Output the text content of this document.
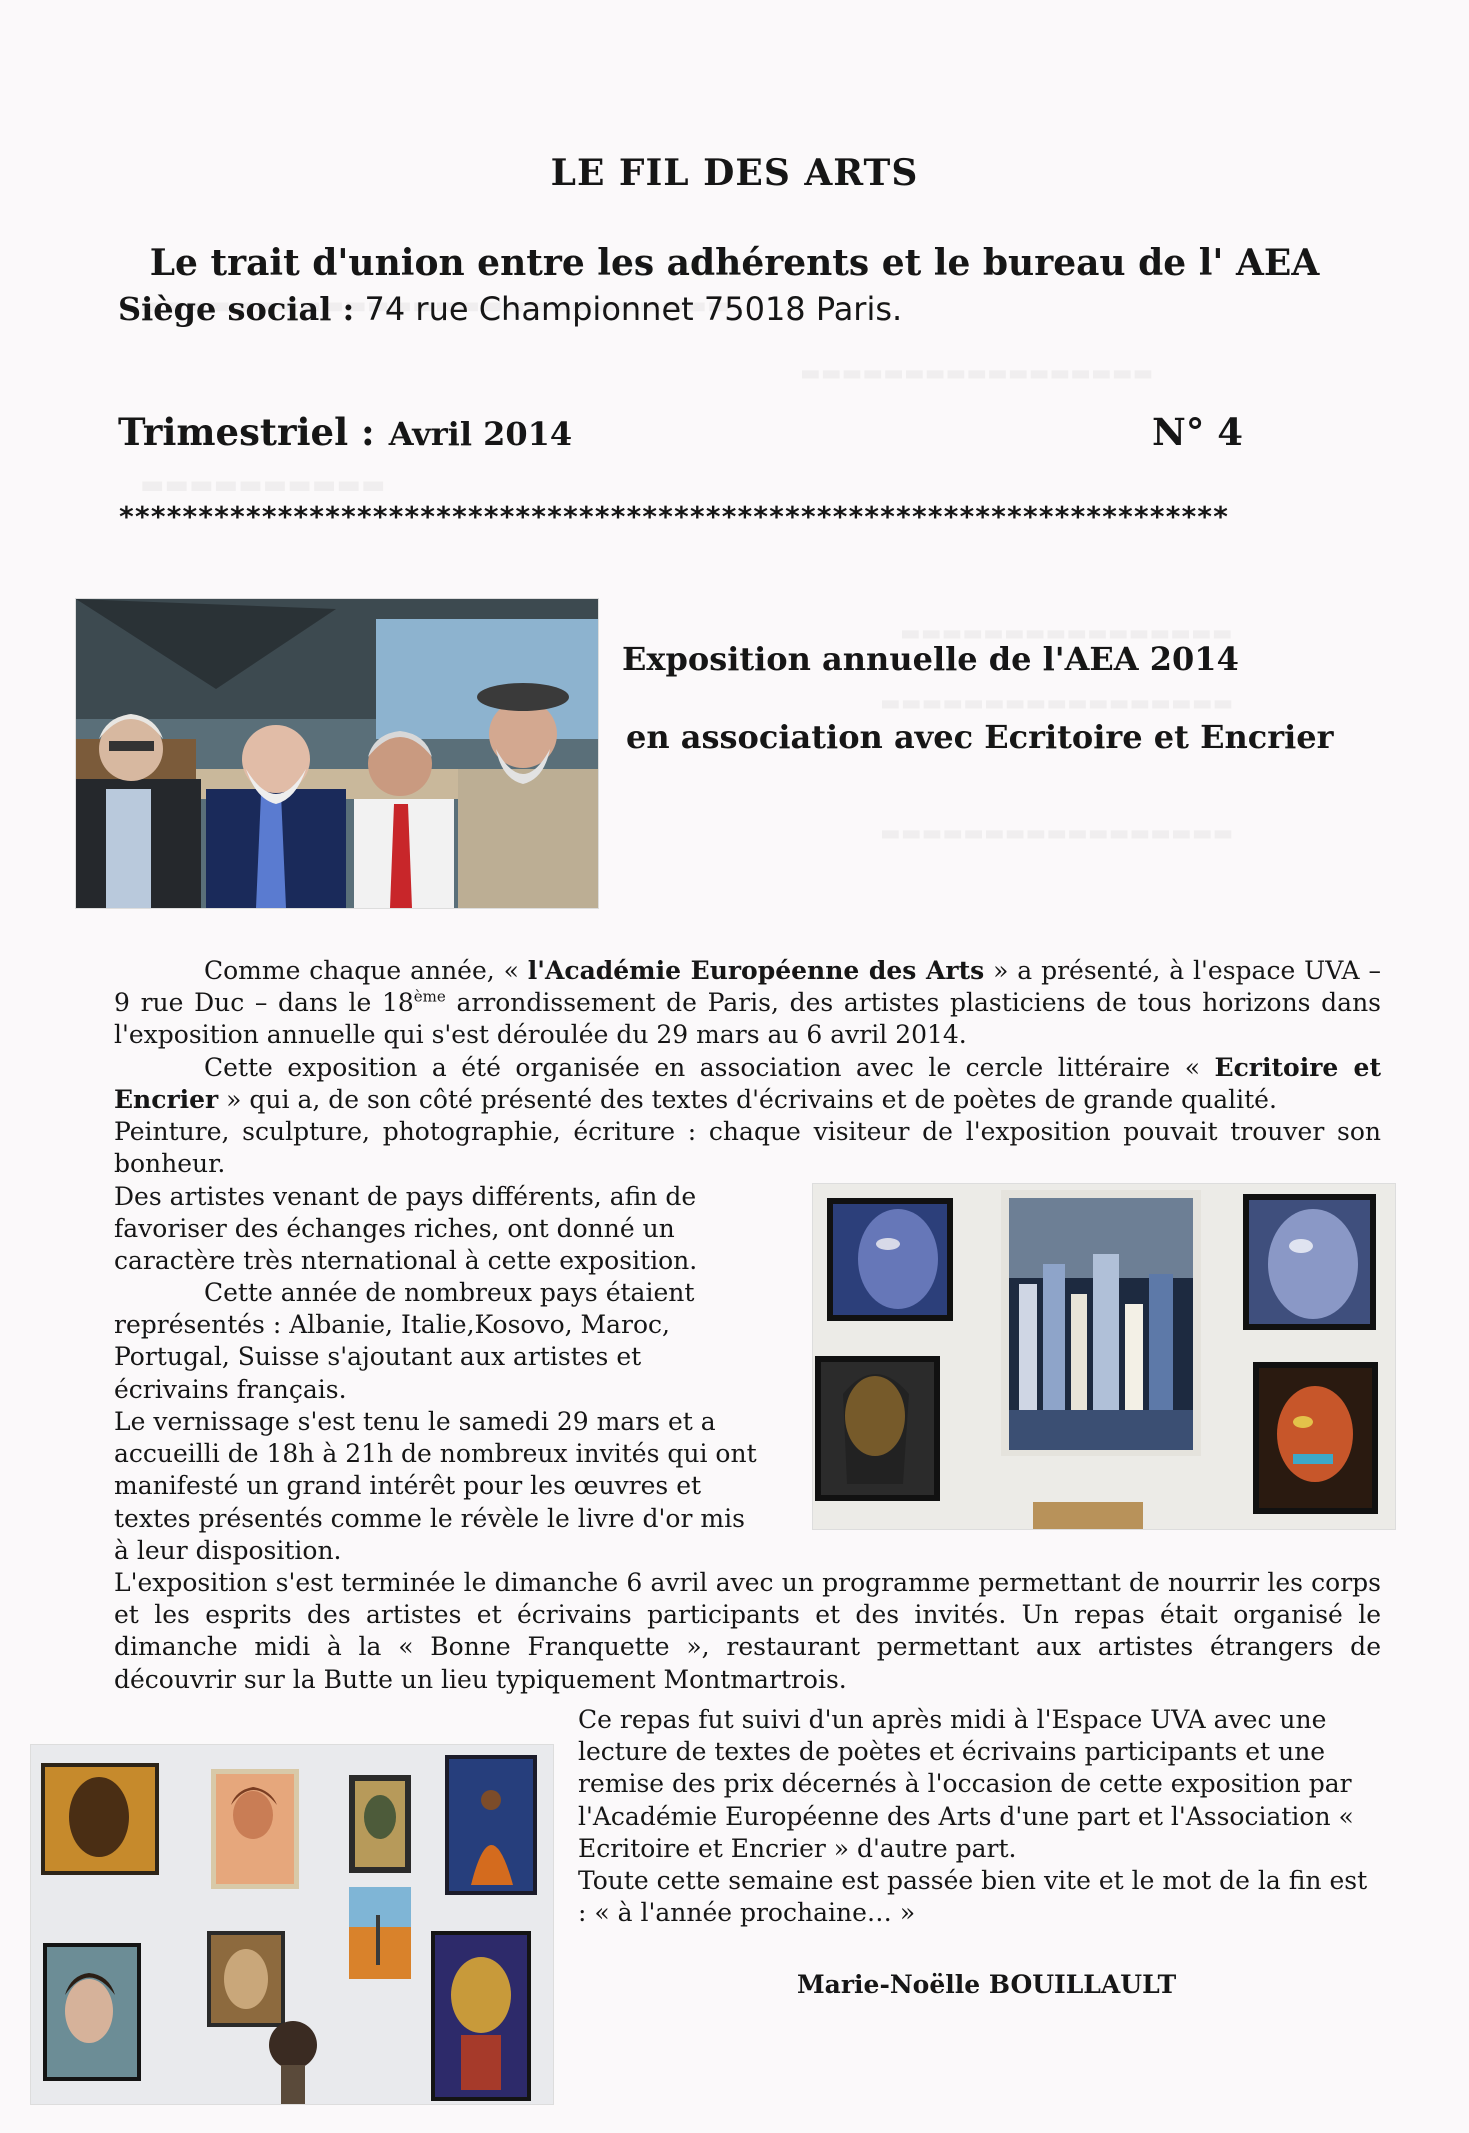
LE FIL DES ARTS
Le trait d'union entre les adhérents et le bureau de l' AEA
Siège social : 74 rue Championnet 75018 Paris.
Trimestriel : Avril 2014	N° 4
**********************************************************************
Exposition annuelle de l'AEA 2014
en association avec Ecritoire et Encrier

Comme chaque année, « l'Académie Européenne des Arts » a présenté, à l'espace UVA – 9 rue Duc – dans le 18ème arrondissement de Paris, des artistes plasticiens de tous horizons dans l'exposition annuelle qui s'est déroulée du 29 mars au 6 avril 2014.

Cette exposition a été organisée en association avec le cercle littéraire « Ecritoire et Encrier » qui a, de son côté présenté des textes d'écrivains et de poètes de grande qualité.

Peinture, sculpture, photographie, écriture : chaque visiteur de l'exposition pouvait trouver son bonheur.

Des artistes venant de pays différents, afin de favoriser des échanges riches, ont donné un caractère très nternational à cette exposition.

Cette année de nombreux pays étaient représentés : Albanie, Italie,Kosovo, Maroc, Portugal, Suisse s'ajoutant aux artistes et écrivains français.

Le vernissage s'est tenu le samedi 29 mars et a accueilli de 18h à 21h de nombreux invités qui ont manifesté un grand intérêt pour les œuvres et textes présentés comme le révèle le livre d'or mis à leur disposition.

L'exposition s'est terminée le dimanche 6 avril avec un programme permettant de nourrir les corps et les esprits des artistes et écrivains participants et des invités. Un repas était organisé le dimanche midi à la « Bonne Franquette », restaurant permettant aux artistes étrangers de découvrir sur la Butte un lieu typiquement Montmartrois.

Ce repas fut suivi d'un après midi à l'Espace UVA avec une lecture de textes de poètes et écrivains participants et une remise des prix décernés à l'occasion de cette exposition par l'Académie Européenne des Arts d'une part et l'Association « Ecritoire et Encrier » d'autre part.

Toute cette semaine est passée bien vite et le mot de la fin est : « à l'année prochaine… »

Marie-Noëlle BOUILLAULT
